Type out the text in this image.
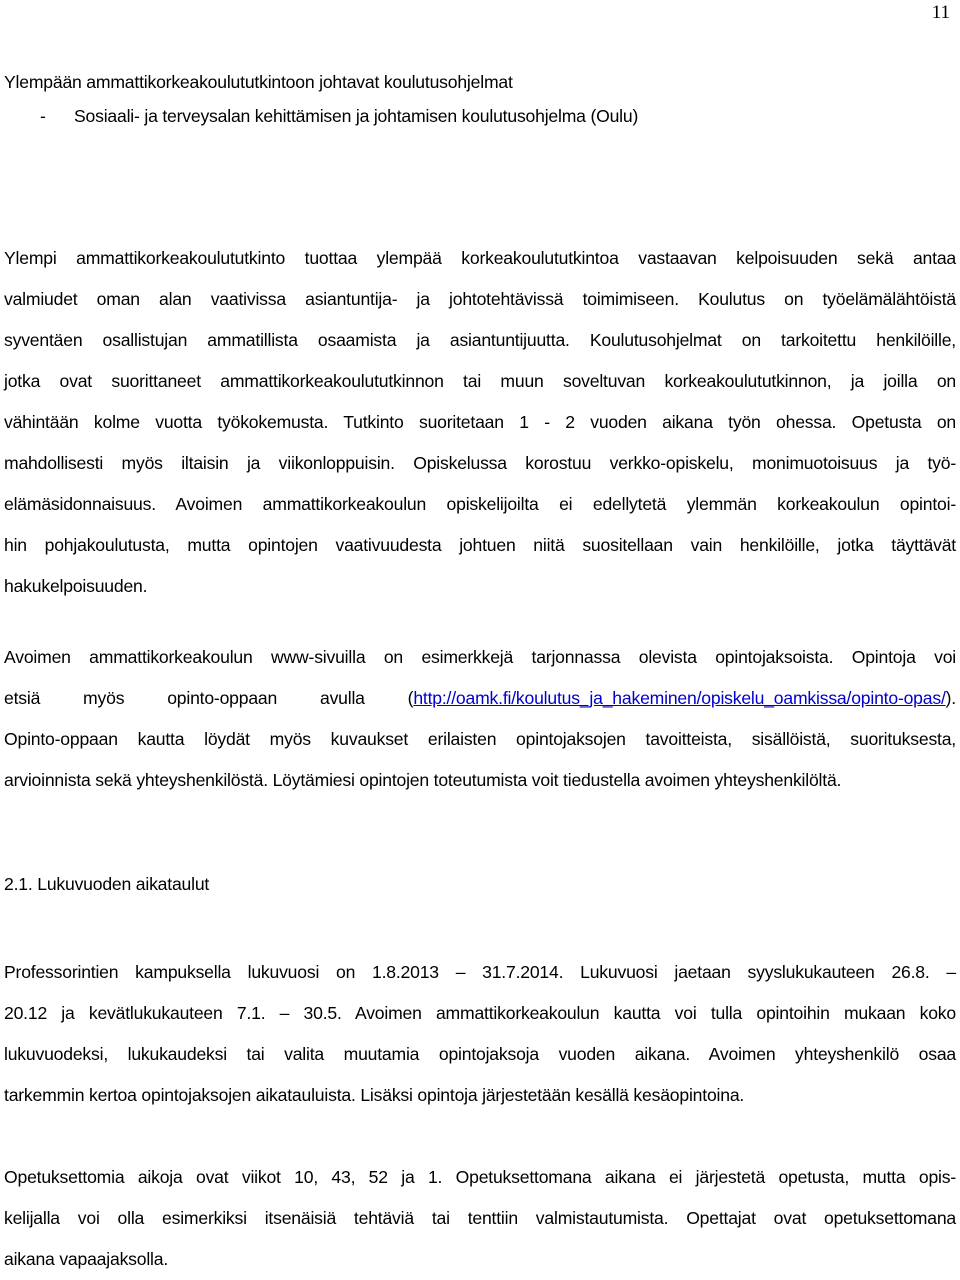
11
Ylempään ammattikorkeakoulututkintoon johtavat koulutusohjelmat
- Sosiaali- ja terveysalan kehittämisen ja johtamisen koulutusohjelma (Oulu)
Ylempi ammattikorkeakoulututkinto tuottaa ylempää korkeakoulututkintoa vastaavan kelpoisuuden sekä antaa
valmiudet oman alan vaativissa asiantuntija- ja johtotehtävissä toimimiseen. Koulutus on työelämälähtöistä
syventäen osallistujan ammatillista osaamista ja asiantuntijuutta. Koulutusohjelmat on tarkoitettu henkilöille,
jotka ovat suorittaneet ammattikorkeakoulututkinnon tai muun soveltuvan korkeakoulututkinnon, ja joilla on
vähintään kolme vuotta työkokemusta. Tutkinto suoritetaan 1 - 2 vuoden aikana työn ohessa. Opetusta on
mahdollisesti myös iltaisin ja viikonloppuisin. Opiskelussa korostuu verkko-opiskelu, monimuotoisuus ja työ-
elämäsidonnaisuus. Avoimen ammattikorkeakoulun opiskelijoilta ei edellytetä ylemmän korkeakoulun opintoi-
hin pohjakoulutusta, mutta opintojen vaativuudesta johtuen niitä suositellaan vain henkilöille, jotka täyttävät
hakukelpoisuuden.
Avoimen ammattikorkeakoulun www-sivuilla on esimerkkejä tarjonnassa olevista opintojaksoista. Opintoja voi
etsiä myös opinto-oppaan avulla (http://oamk.fi/koulutus_ja_hakeminen/opiskelu_oamkissa/opinto-opas/).
Opinto-oppaan kautta löydät myös kuvaukset erilaisten opintojaksojen tavoitteista, sisällöistä, suorituksesta,
arvioinnista sekä yhteyshenkilöstä. Löytämiesi opintojen toteutumista voit tiedustella avoimen yhteyshenkilöltä.
2.1. Lukuvuoden aikataulut
Professorintien kampuksella lukuvuosi on 1.8.2013 – 31.7.2014. Lukuvuosi jaetaan syyslukukauteen 26.8. –
20.12 ja kevätlukukauteen 7.1. – 30.5. Avoimen ammattikorkeakoulun kautta voi tulla opintoihin mukaan koko
lukuvuodeksi, lukukaudeksi tai valita muutamia opintojaksoja vuoden aikana. Avoimen yhteyshenkilö osaa
tarkemmin kertoa opintojaksojen aikatauluista. Lisäksi opintoja järjestetään kesällä kesäopintoina.
Opetuksettomia aikoja ovat viikot 10, 43, 52 ja 1. Opetuksettomana aikana ei järjestetä opetusta, mutta opis-
kelijalla voi olla esimerkiksi itsenäisiä tehtäviä tai tenttiin valmistautumista. Opettajat ovat opetuksettomana
aikana vapaajaksolla.
